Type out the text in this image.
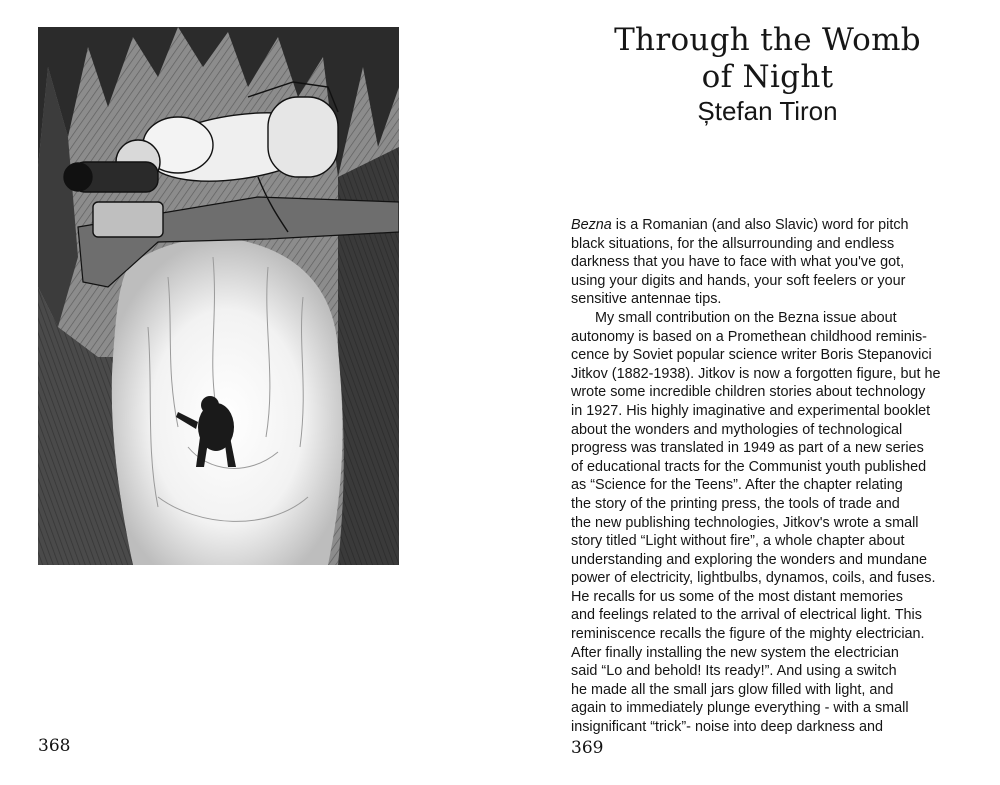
368
Through the Womb
of Night
Ștefan Tiron
Bezna is a Romanian (and also Slavic) word for pitch
black situations, for the allsurrounding and endless
darkness that you have to face with what you've got,
using your digits and hands, your soft feelers or your
sensitive antennae tips.
My small contribution on the Bezna issue about
autonomy is based on a Promethean childhood reminis-
cence by Soviet popular science writer Boris Stepanovici
Jitkov (1882-1938). Jitkov is now a forgotten figure, but he
wrote some incredible children stories about technology
in 1927. His highly imaginative and experimental booklet
about the wonders and mythologies of technological
progress was translated in 1949 as part of a new series
of educational tracts for the Communist youth published
as “Science for the Teens”. After the chapter relating
the story of the printing press, the tools of trade and
the new publishing technologies, Jitkov's wrote a small
story titled “Light without fire”, a whole chapter about
understanding and exploring the wonders and mundane
power of electricity, lightbulbs, dynamos, coils, and fuses.
He recalls for us some of the most distant memories
and feelings related to the arrival of electrical light. This
reminiscence recalls the figure of the mighty electrician.
After finally installing the new system the electrician
said “Lo and behold! Its ready!”. And using a switch
he made all the small jars glow filled with light, and
again to immediately plunge everything - with a small
insignificant “trick”- noise into deep darkness and
369
